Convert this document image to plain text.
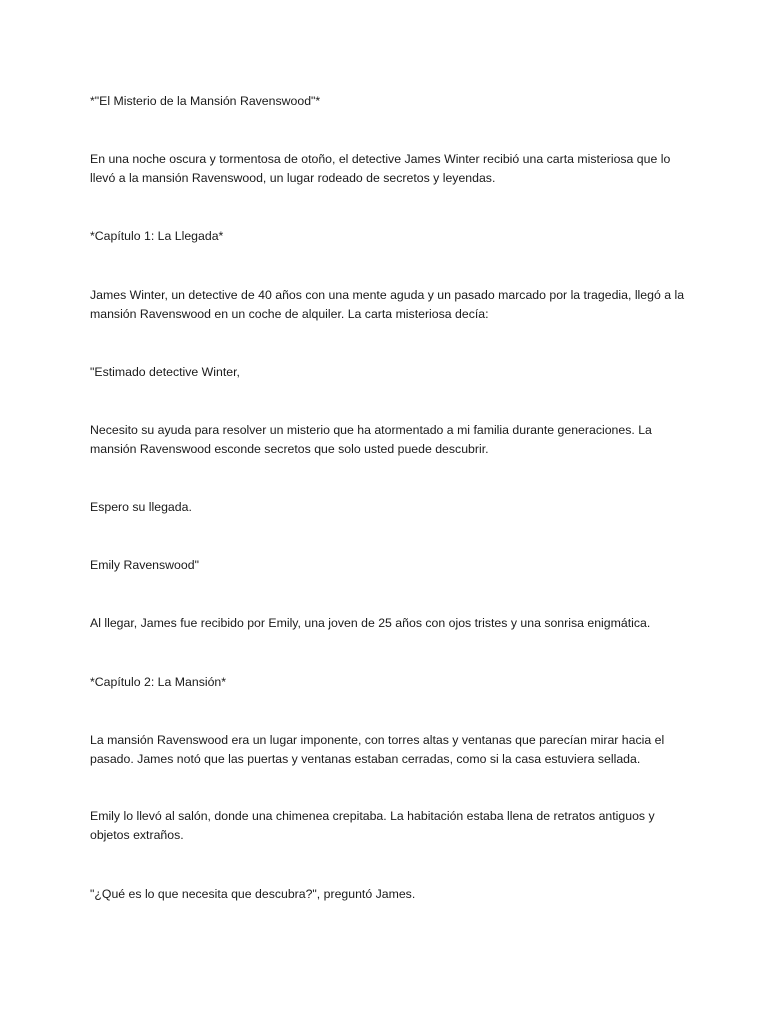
*"El Misterio de la Mansión Ravenswood"*

En una noche oscura y tormentosa de otoño, el detective James Winter recibió una carta misteriosa que lo llevó a la mansión Ravenswood, un lugar rodeado de secretos y leyendas.

*Capítulo 1: La Llegada*

James Winter, un detective de 40 años con una mente aguda y un pasado marcado por la tragedia, llegó a la mansión Ravenswood en un coche de alquiler. La carta misteriosa decía:

"Estimado detective Winter,

Necesito su ayuda para resolver un misterio que ha atormentado a mi familia durante generaciones. La mansión Ravenswood esconde secretos que solo usted puede descubrir.

Espero su llegada.

Emily Ravenswood"

Al llegar, James fue recibido por Emily, una joven de 25 años con ojos tristes y una sonrisa enigmática.

*Capítulo 2: La Mansión*

La mansión Ravenswood era un lugar imponente, con torres altas y ventanas que parecían mirar hacia el pasado. James notó que las puertas y ventanas estaban cerradas, como si la casa estuviera sellada.

Emily lo llevó al salón, donde una chimenea crepitaba. La habitación estaba llena de retratos antiguos y objetos extraños.

"¿Qué es lo que necesita que descubra?", preguntó James.
